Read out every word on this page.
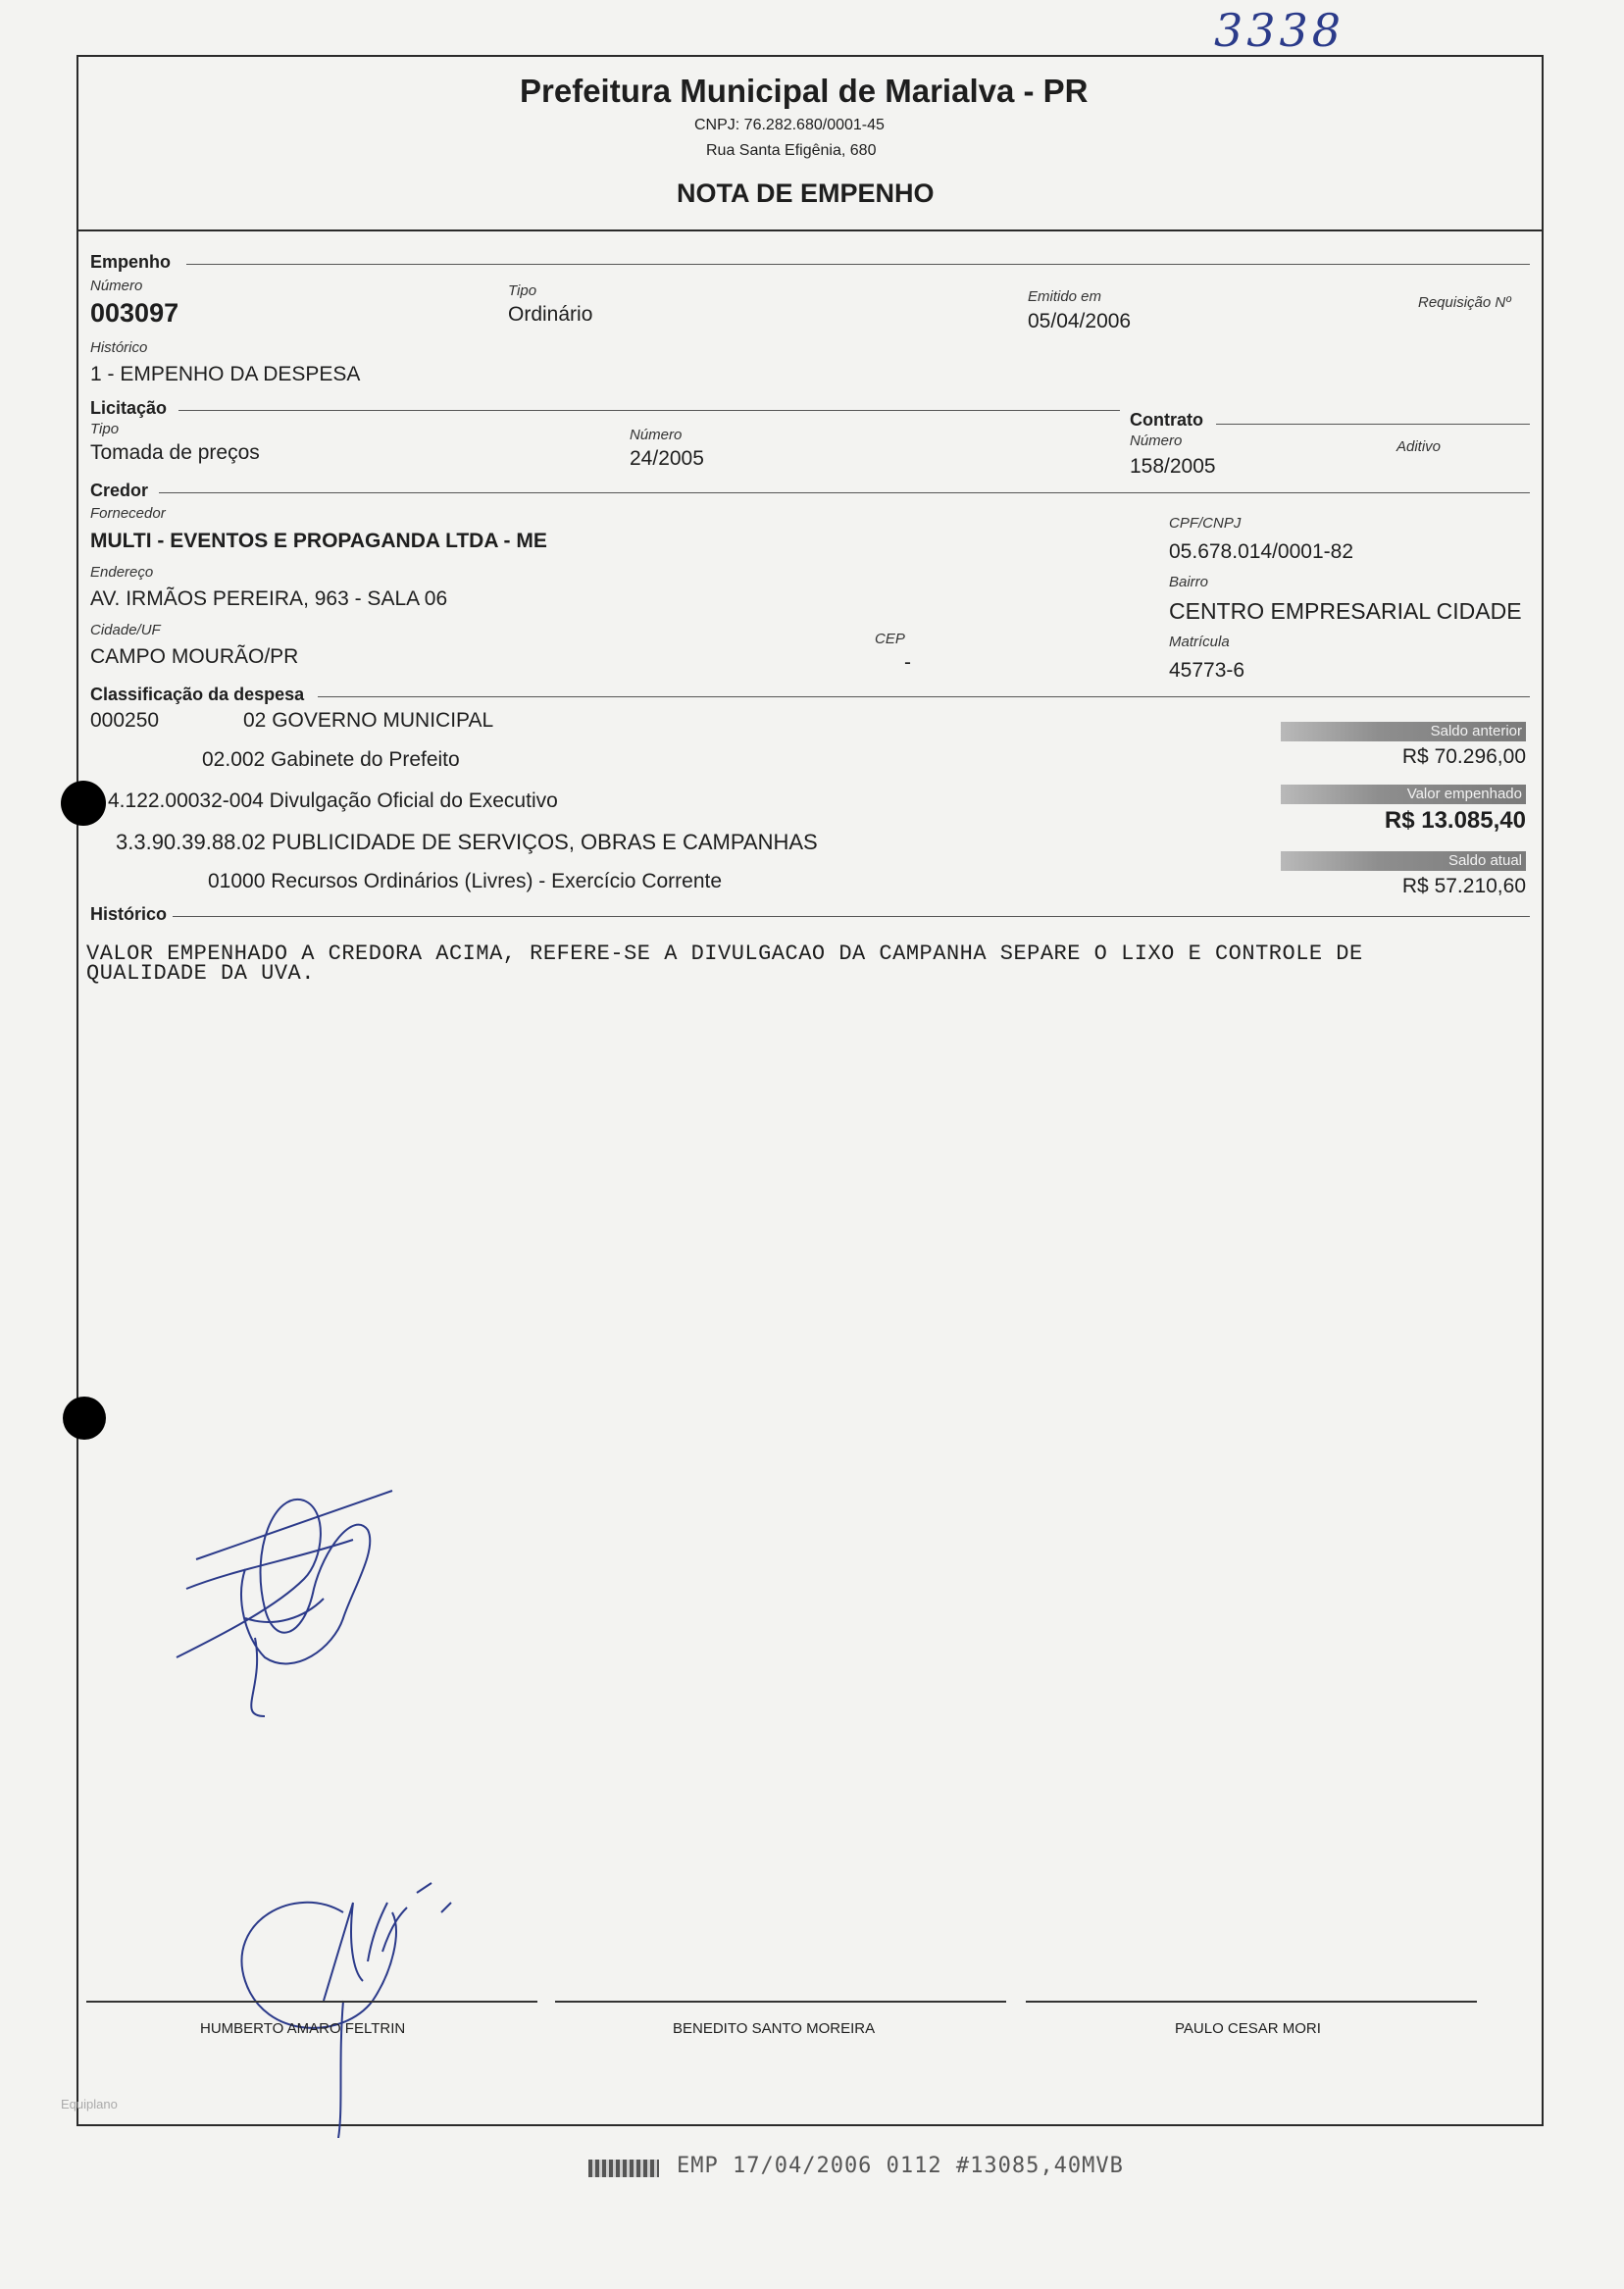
3338
Prefeitura Municipal de Marialva - PR
CNPJ: 76.282.680/0001-45
Rua Santa Efigênia, 680
NOTA DE EMPENHO
Empenho
Número
003097
Tipo
Ordinário
Emitido em
05/04/2006
Requisição Nº
Histórico
1 - EMPENHO DA DESPESA
Licitação
Tipo
Tomada de preços
Número
24/2005
Contrato
Número
158/2005
Aditivo
Credor
Fornecedor
MULTI - EVENTOS E PROPAGANDA LTDA - ME
CPF/CNPJ
05.678.014/0001-82
Endereço
AV. IRMÃOS PEREIRA, 963 - SALA 06
Bairro
CENTRO EMPRESARIAL CIDADE
Cidade/UF
CAMPO MOURÃO/PR
CEP
-
Matrícula
45773-6
Classificação da despesa
000250	02 GOVERNO MUNICIPAL
02.002 Gabinete do Prefeito
4.122.00032-004 Divulgação Oficial do Executivo
3.3.90.39.88.02 PUBLICIDADE DE SERVIÇOS, OBRAS E CAMPANHAS
01000 Recursos Ordinários (Livres) - Exercício Corrente
Saldo anterior
R$ 70.296,00
Valor empenhado
R$ 13.085,40
Saldo atual
R$ 57.210,60
Histórico
VALOR EMPENHADO A CREDORA ACIMA, REFERE-SE A DIVULGACAO DA CAMPANHA SEPARE O LIXO E CONTROLE DE
QUALIDADE DA UVA.
HUMBERTO AMARO FELTRIN	BENEDITO SANTO MOREIRA	PAULO CESAR MORI
Equiplano
EMP 17/04/2006 0112 #13085,40MVB
